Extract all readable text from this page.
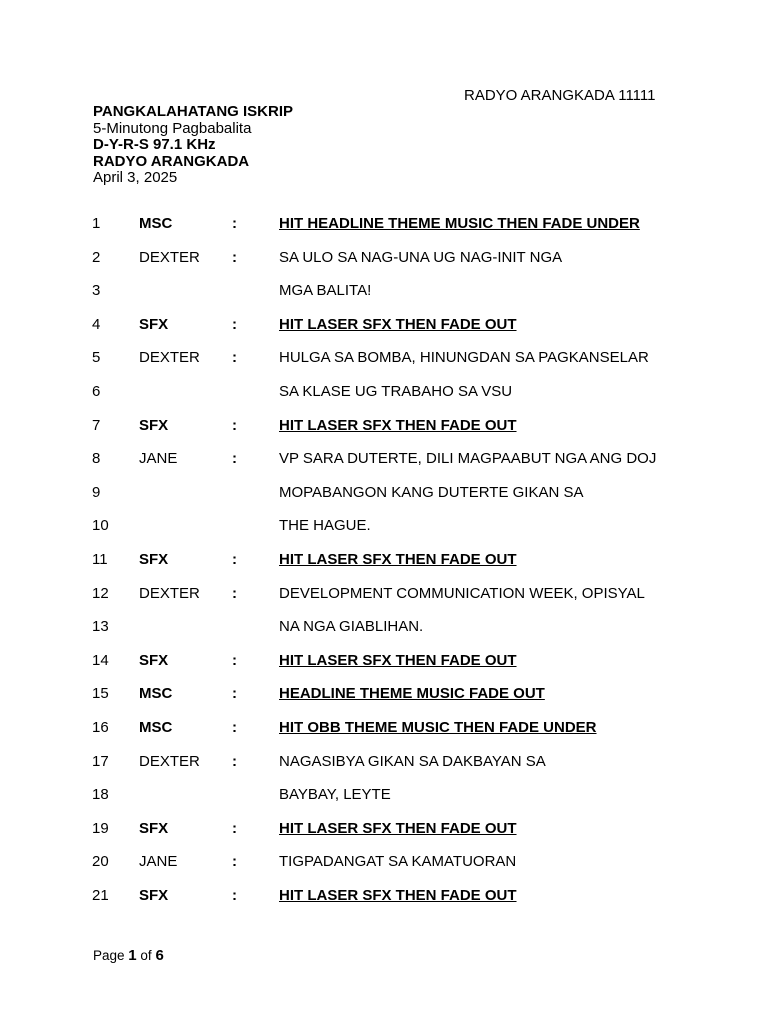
RADYO ARANGKADA 11111
PANGKALAHATANG ISKRIP
5-Minutong Pagbabalita
D-Y-R-S 97.1 KHz
RADYO ARANGKADA
April 3, 2025
1	MSC	:	HIT HEADLINE THEME MUSIC THEN FADE UNDER
2	DEXTER :	SA ULO SA NAG-UNA UG NAG-INIT NGA
3	MGA BALITA!
4	SFX	:	HIT LASER SFX THEN FADE OUT
5	DEXTER :	HULGA SA BOMBA, HINUNGDAN SA PAGKANSELAR
6	SA KLASE UG TRABAHO SA VSU
7	SFX	:	HIT LASER SFX THEN FADE OUT
8	JANE	:	VP SARA DUTERTE, DILI MAGPAABUT NGA ANG DOJ
9	MOPABANGON KANG DUTERTE GIKAN SA
10	THE HAGUE.
11 SFX	:	HIT LASER SFX THEN FADE OUT
12 DEXTER :	DEVELOPMENT COMMUNICATION WEEK, OPISYAL
13	NA NGA GIABLIHAN.
14 SFX	:	HIT LASER SFX THEN FADE OUT
15 MSC	:	HEADLINE THEME MUSIC FADE OUT
16 MSC	:	HIT OBB THEME MUSIC THEN FADE UNDER
17 DEXTER :	NAGASIBYA GIKAN SA DAKBAYAN SA
18	BAYBAY, LEYTE
19 SFX	:	HIT LASER SFX THEN FADE OUT
20 JANE	:	TIGPADANGAT SA KAMATUORAN
21 SFX	:	HIT LASER SFX THEN FADE OUT
Page 1 of 6
